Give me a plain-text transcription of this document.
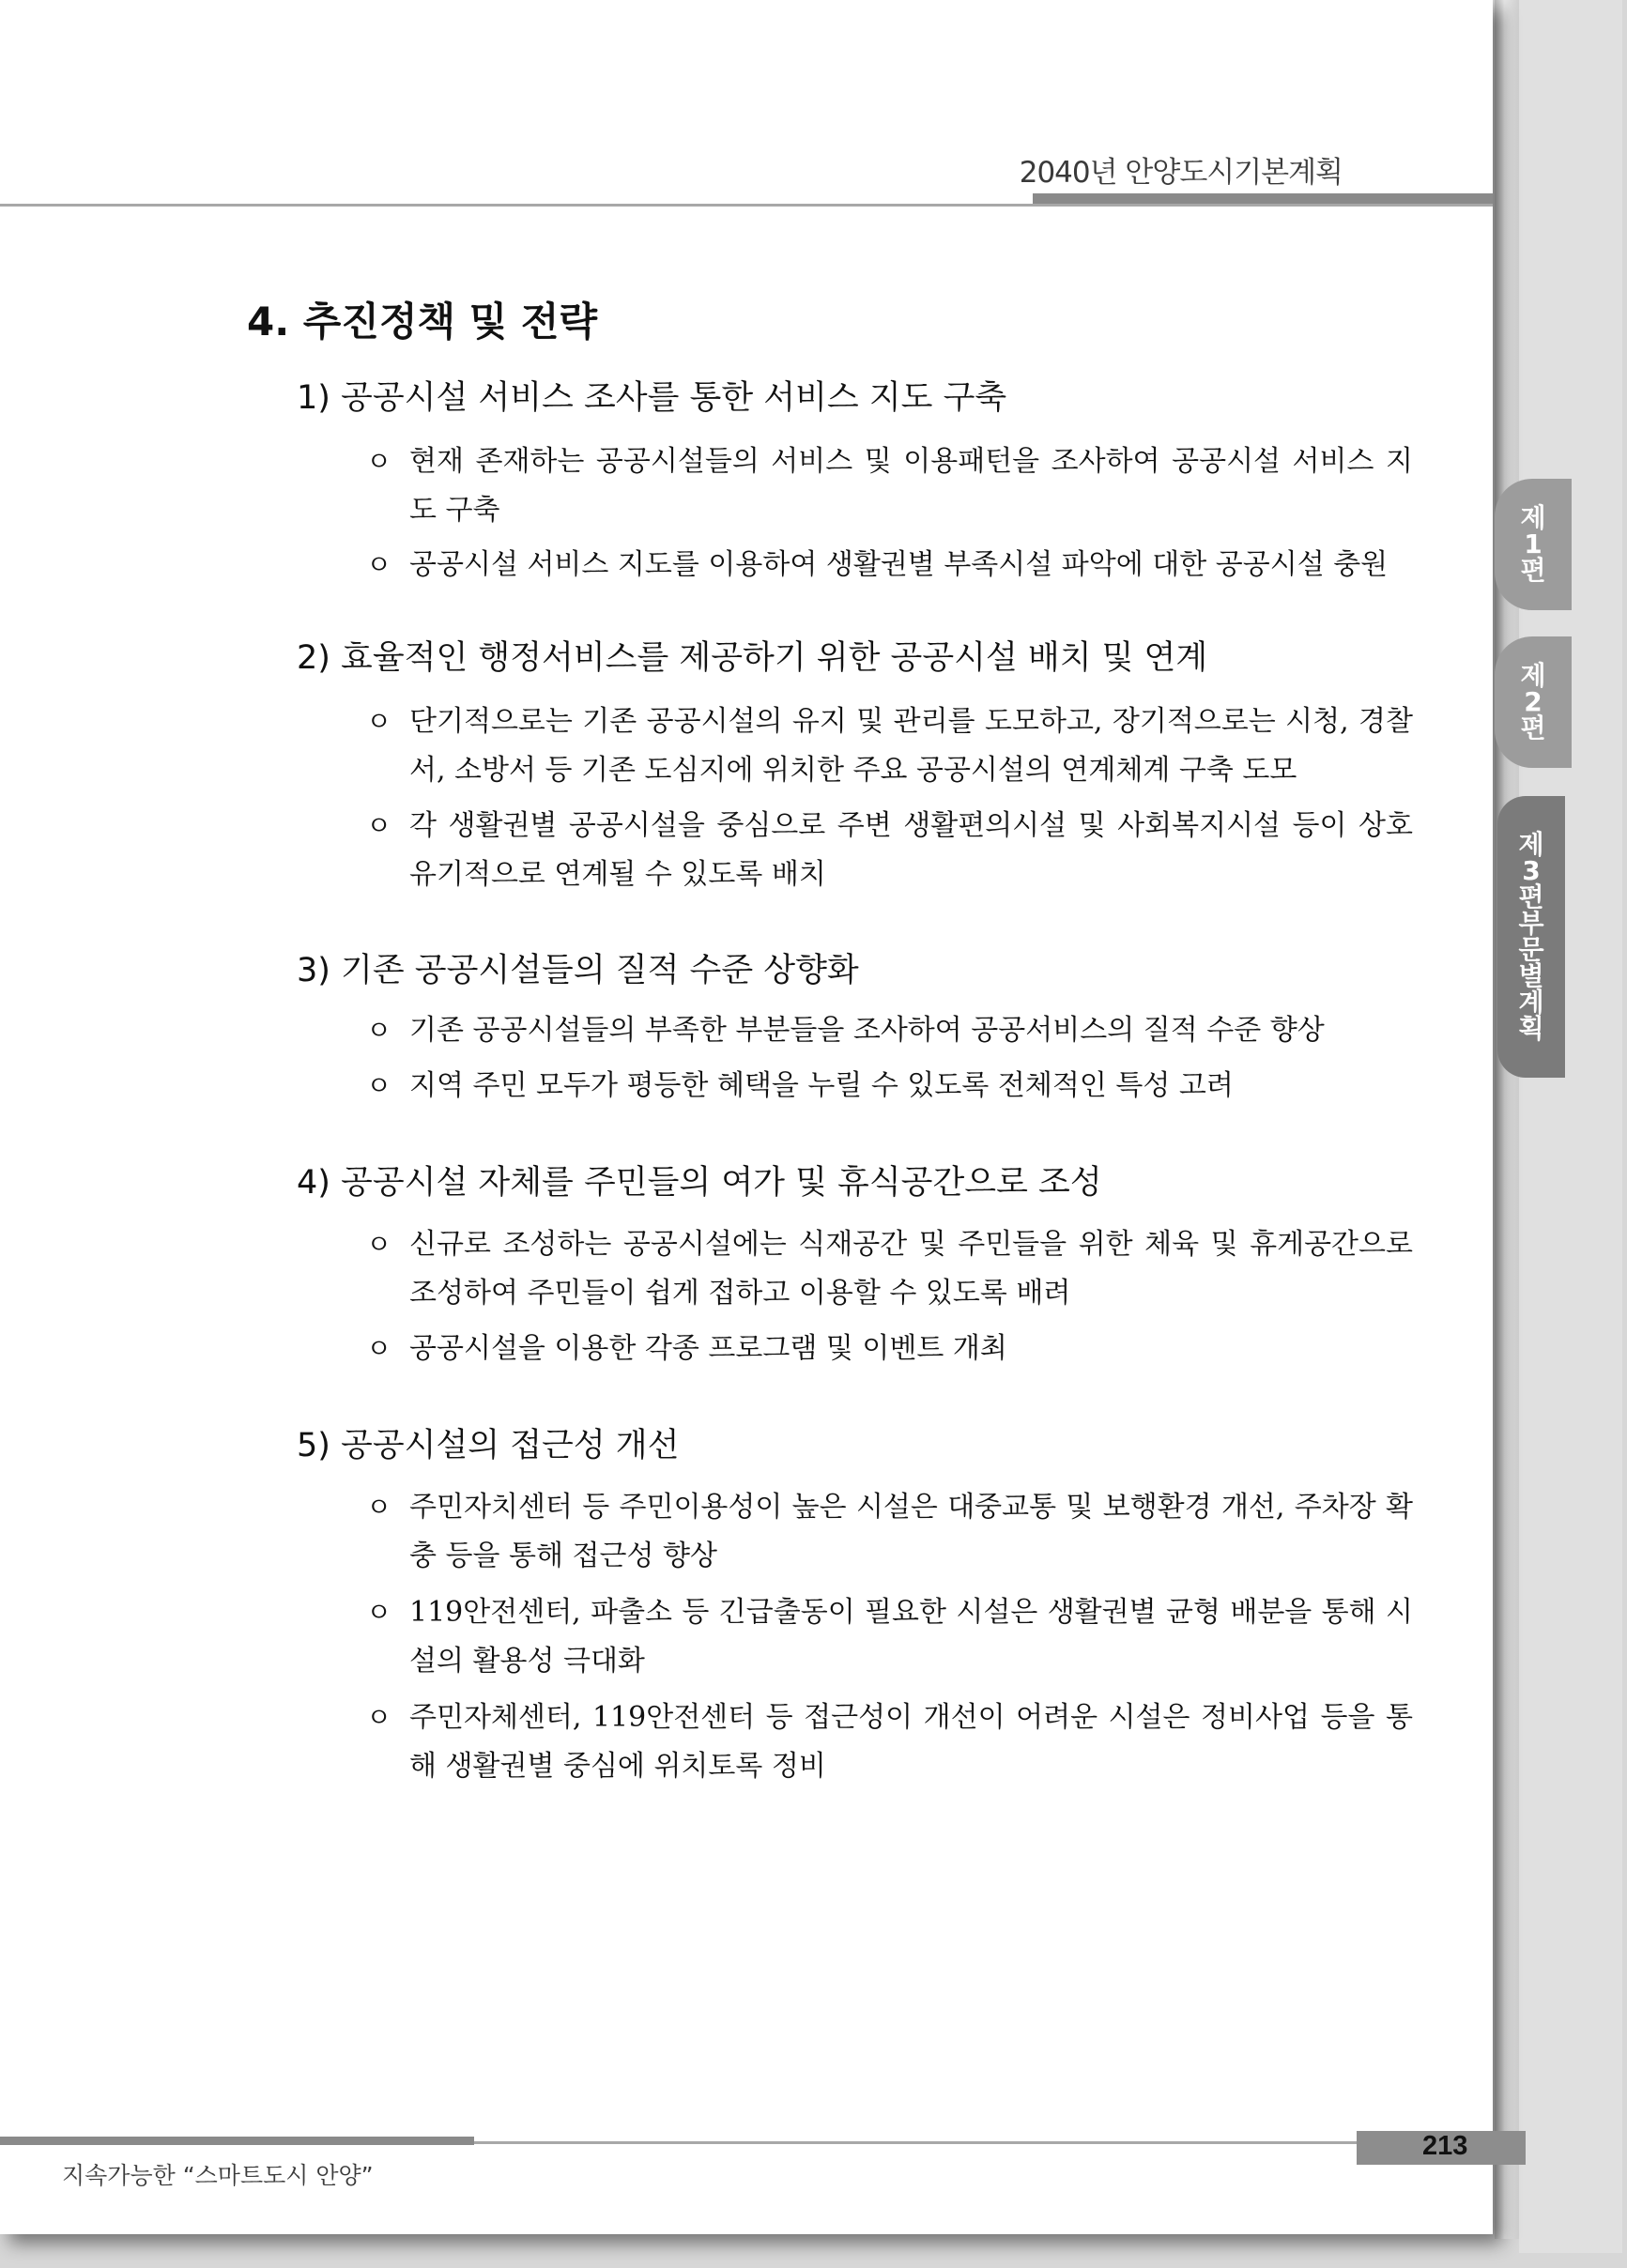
2040년 안양도시기본계획
4. 추진정책 및 전략
1) 공공시설 서비스 조사를 통한 서비스 지도 구축
ㅇ 현재 존재하는 공공시설들의 서비스 및 이용패턴을 조사하여 공공시설 서비스 지도 구축
ㅇ 공공시설 서비스 지도를 이용하여 생활권별 부족시설 파악에 대한 공공시설 충원
2) 효율적인 행정서비스를 제공하기 위한 공공시설 배치 및 연계
ㅇ 단기적으로는 기존 공공시설의 유지 및 관리를 도모하고, 장기적으로는 시청, 경찰서, 소방서 등 기존 도심지에 위치한 주요 공공시설의 연계체계 구축 도모
ㅇ 각 생활권별 공공시설을 중심으로 주변 생활편의시설 및 사회복지시설 등이 상호 유기적으로 연계될 수 있도록 배치
3) 기존 공공시설들의 질적 수준 상향화
ㅇ 기존 공공시설들의 부족한 부분들을 조사하여 공공서비스의 질적 수준 향상
ㅇ 지역 주민 모두가 평등한 혜택을 누릴 수 있도록 전체적인 특성 고려
4) 공공시설 자체를 주민들의 여가 및 휴식공간으로 조성
ㅇ 신규로 조성하는 공공시설에는 식재공간 및 주민들을 위한 체육 및 휴게공간으로 조성하여 주민들이 쉽게 접하고 이용할 수 있도록 배려
ㅇ 공공시설을 이용한 각종 프로그램 및 이벤트 개최
5) 공공시설의 접근성 개선
ㅇ 주민자치센터 등 주민이용성이 높은 시설은 대중교통 및 보행환경 개선, 주차장 확충 등을 통해 접근성 향상
ㅇ 119안전센터, 파출소 등 긴급출동이 필요한 시설은 생활권별 균형 배분을 통해 시설의 활용성 극대화
ㅇ 주민자체센터, 119안전센터 등 접근성이 개선이 어려운 시설은 정비사업 등을 통해 생활권별 중심에 위치토록 정비
지속가능한 “스마트도시 안양”
213
제1편
제2편
제3편 부문별계획
